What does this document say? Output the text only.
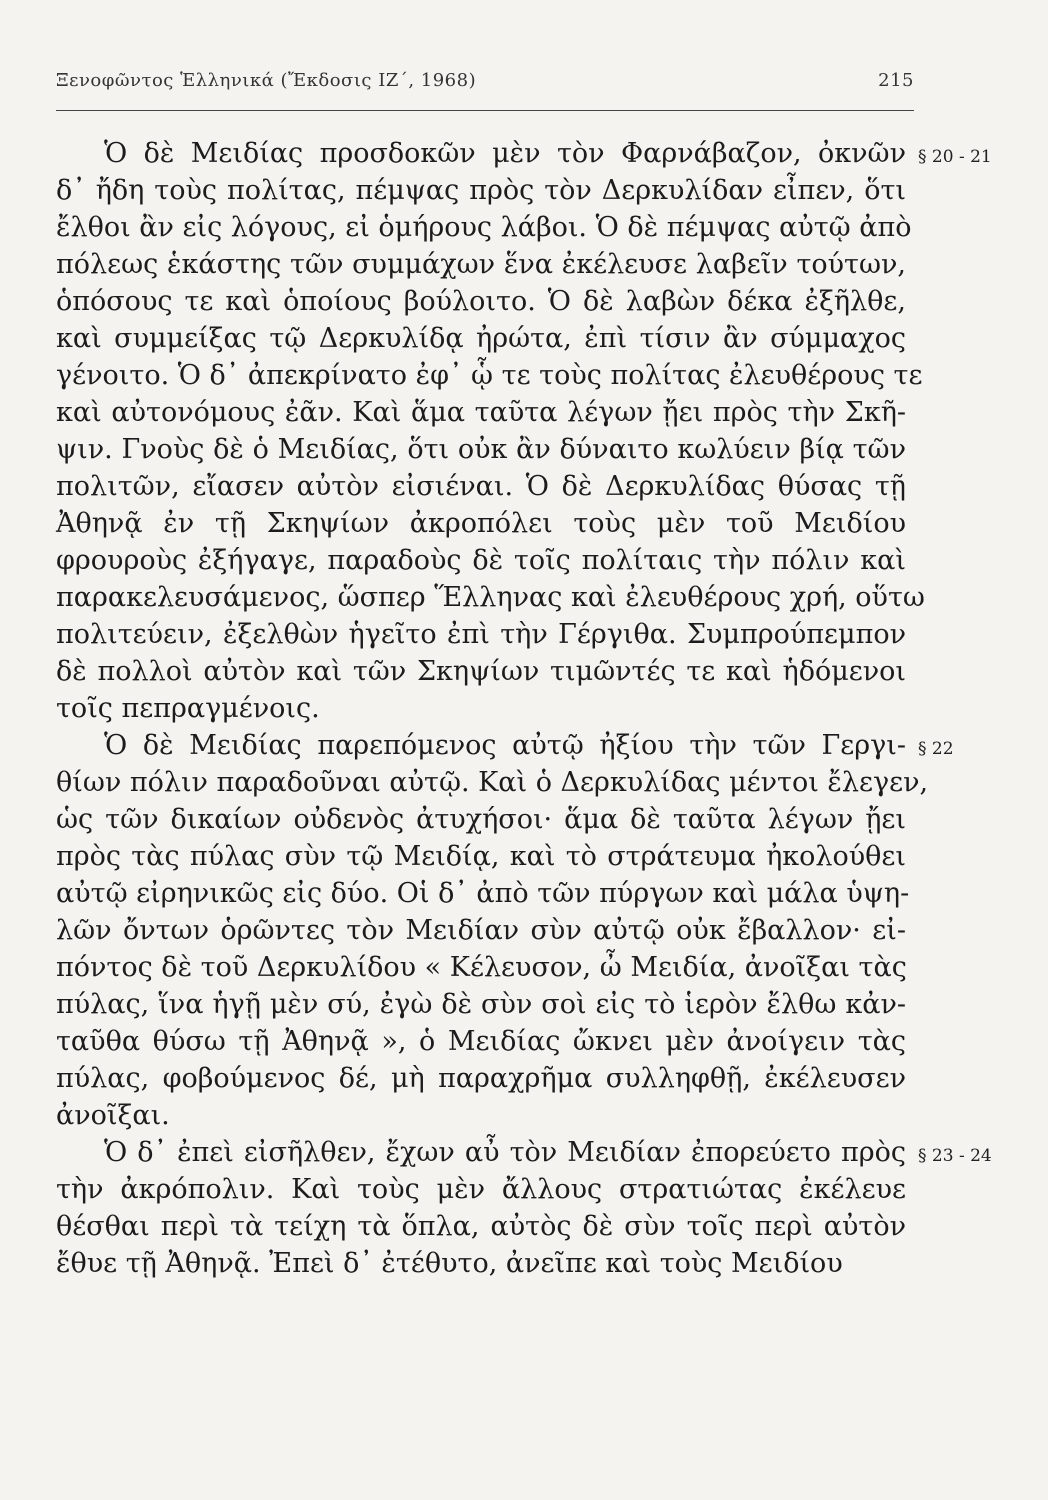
Ξενοφῶντος Ἑλληνικά (Ἔκδοσις ΙΖ΄, 1968)	215
Ὁ δὲ Μειδίας προσδοκῶν μὲν τὸν Φαρνάβαζον, ὀκνῶν
δ᾿ ἤδη τοὺς πολίτας, πέμψας πρὸς τὸν Δερκυλίδαν εἶπεν, ὅτι
ἔλθοι ἂν εἰς λόγους, εἰ ὁμήρους λάβοι. Ὁ δὲ πέμψας αὐτῷ ἀπὸ
πόλεως ἑκάστης τῶν συμμάχων ἕνα ἐκέλευσε λαβεῖν τούτων,
ὁπόσους τε καὶ ὁποίους βούλοιτο. Ὁ δὲ λαβὼν δέκα ἐξῆλθε,
καὶ συμμείξας τῷ Δερκυλίδᾳ ἠρώτα, ἐπὶ τίσιν ἂν σύμμαχος
γένοιτο. Ὁ δ᾿ ἀπεκρίνατο ἐφ᾿ ᾧ τε τοὺς πολίτας ἐλευθέρους τε
καὶ αὐτονόμους ἐᾶν. Καὶ ἅμα ταῦτα λέγων ᾔει πρὸς τὴν Σκῆ-
ψιν. Γνοὺς δὲ ὁ Μειδίας, ὅτι οὐκ ἂν δύναιτο κωλύειν βίᾳ τῶν
πολιτῶν, εἴασεν αὐτὸν εἰσιέναι. Ὁ δὲ Δερκυλίδας θύσας τῇ
Ἀθηνᾷ ἐν τῇ Σκηψίων ἀκροπόλει τοὺς μὲν τοῦ Μειδίου
φρουροὺς ἐξήγαγε, παραδοὺς δὲ τοῖς πολίταις τὴν πόλιν καὶ
παρακελευσάμενος, ὥσπερ Ἕλληνας καὶ ἐλευθέρους χρή, οὕτω
πολιτεύειν, ἐξελθὼν ἡγεῖτο ἐπὶ τὴν Γέργιθα. Συμπρούπεμπον
δὲ πολλοὶ αὐτὸν καὶ τῶν Σκηψίων τιμῶντές τε καὶ ἡδόμενοι
τοῖς πεπραγμένοις.
Ὁ δὲ Μειδίας παρεπόμενος αὐτῷ ἠξίου τὴν τῶν Γεργι-
θίων πόλιν παραδοῦναι αὐτῷ. Καὶ ὁ Δερκυλίδας μέντοι ἔλεγεν,
ὡς τῶν δικαίων οὐδενὸς ἀτυχήσοι· ἅμα δὲ ταῦτα λέγων ᾔει
πρὸς τὰς πύλας σὺν τῷ Μειδίᾳ, καὶ τὸ στράτευμα ἠκολούθει
αὐτῷ εἰρηνικῶς εἰς δύο. Οἱ δ᾿ ἀπὸ τῶν πύργων καὶ μάλα ὑψη-
λῶν ὄντων ὁρῶντες τὸν Μειδίαν σὺν αὐτῷ οὐκ ἔβαλλον· εἰ-
πόντος δὲ τοῦ Δερκυλίδου « Κέλευσον, ὦ Μειδία, ἀνοῖξαι τὰς
πύλας, ἵνα ἡγῇ μὲν σύ, ἐγὼ δὲ σὺν σοὶ εἰς τὸ ἱερὸν ἔλθω κἀν-
ταῦθα θύσω τῇ Ἀθηνᾷ », ὁ Μειδίας ὤκνει μὲν ἀνοίγειν τὰς
πύλας, φοβούμενος δέ, μὴ παραχρῆμα συλληφθῇ, ἐκέλευσεν
ἀνοῖξαι.
Ὁ δ᾿ ἐπεὶ εἰσῆλθεν, ἔχων αὖ τὸν Μειδίαν ἐπορεύετο πρὸς
τὴν ἀκρόπολιν. Καὶ τοὺς μὲν ἄλλους στρατιώτας ἐκέλευε
θέσθαι περὶ τὰ τείχη τὰ ὅπλα, αὐτὸς δὲ σὺν τοῖς περὶ αὐτὸν
ἔθυε τῇ Ἀθηνᾷ. Ἐπεὶ δ᾿ ἐτέθυτο, ἀνεῖπε καὶ τοὺς Μειδίου
§ 20 - 21
§ 22
§ 23 - 24
